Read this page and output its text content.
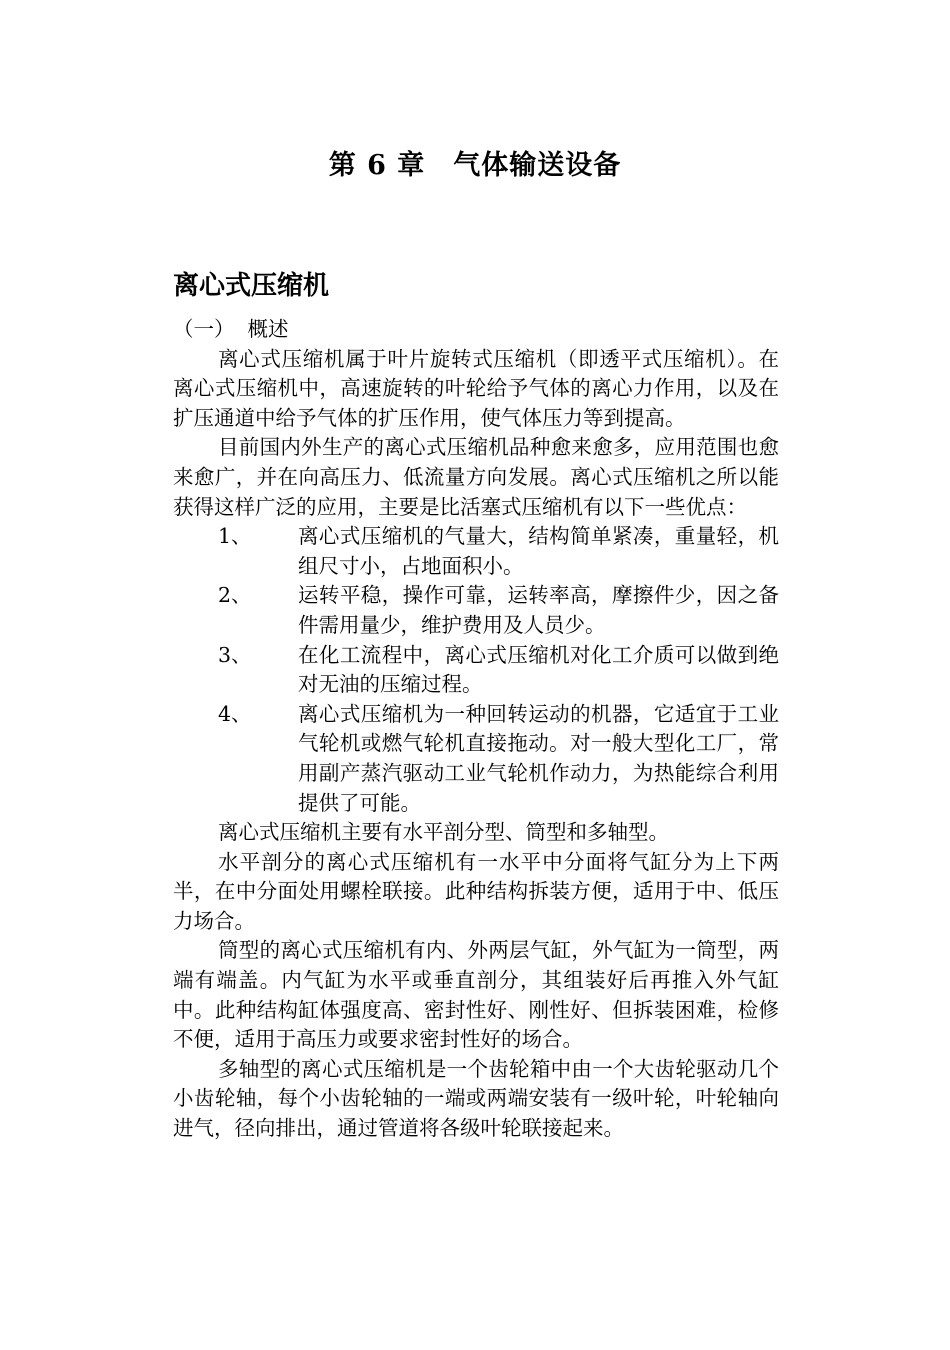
第 6 章　气体输送设备
离心式压缩机

（一）  概述

离心式压缩机属于叶片旋转式压缩机（即透平式压缩机）。在离心式压缩机中，高速旋转的叶轮给予气体的离心力作用，以及在扩压通道中给予气体的扩压作用，使气体压力等到提高。

目前国内外生产的离心式压缩机品种愈来愈多，应用范围也愈来愈广，并在向高压力、低流量方向发展。离心式压缩机之所以能获得这样广泛的应用，主要是比活塞式压缩机有以下一些优点：

1、 离心式压缩机的气量大，结构简单紧凑，重量轻，机组尺寸小，占地面积小。
2、 运转平稳，操作可靠，运转率高，摩擦件少，因之备件需用量少，维护费用及人员少。
3、 在化工流程中，离心式压缩机对化工介质可以做到绝对无油的压缩过程。
4、 离心式压缩机为一种回转运动的机器，它适宜于工业气轮机或燃气轮机直接拖动。对一般大型化工厂，常用副产蒸汽驱动工业气轮机作动力，为热能综合利用提供了可能。

离心式压缩机主要有水平剖分型、筒型和多轴型。

水平剖分的离心式压缩机有一水平中分面将气缸分为上下两半，在中分面处用螺栓联接。此种结构拆装方便，适用于中、低压力场合。

筒型的离心式压缩机有内、外两层气缸，外气缸为一筒型，两端有端盖。内气缸为水平或垂直剖分，其组装好后再推入外气缸中。此种结构缸体强度高、密封性好、刚性好、但拆装困难，检修不便，适用于高压力或要求密封性好的场合。

多轴型的离心式压缩机是一个齿轮箱中由一个大齿轮驱动几个小齿轮轴，每个小齿轮轴的一端或两端安装有一级叶轮，叶轮轴向进气，径向排出，通过管道将各级叶轮联接起来。
